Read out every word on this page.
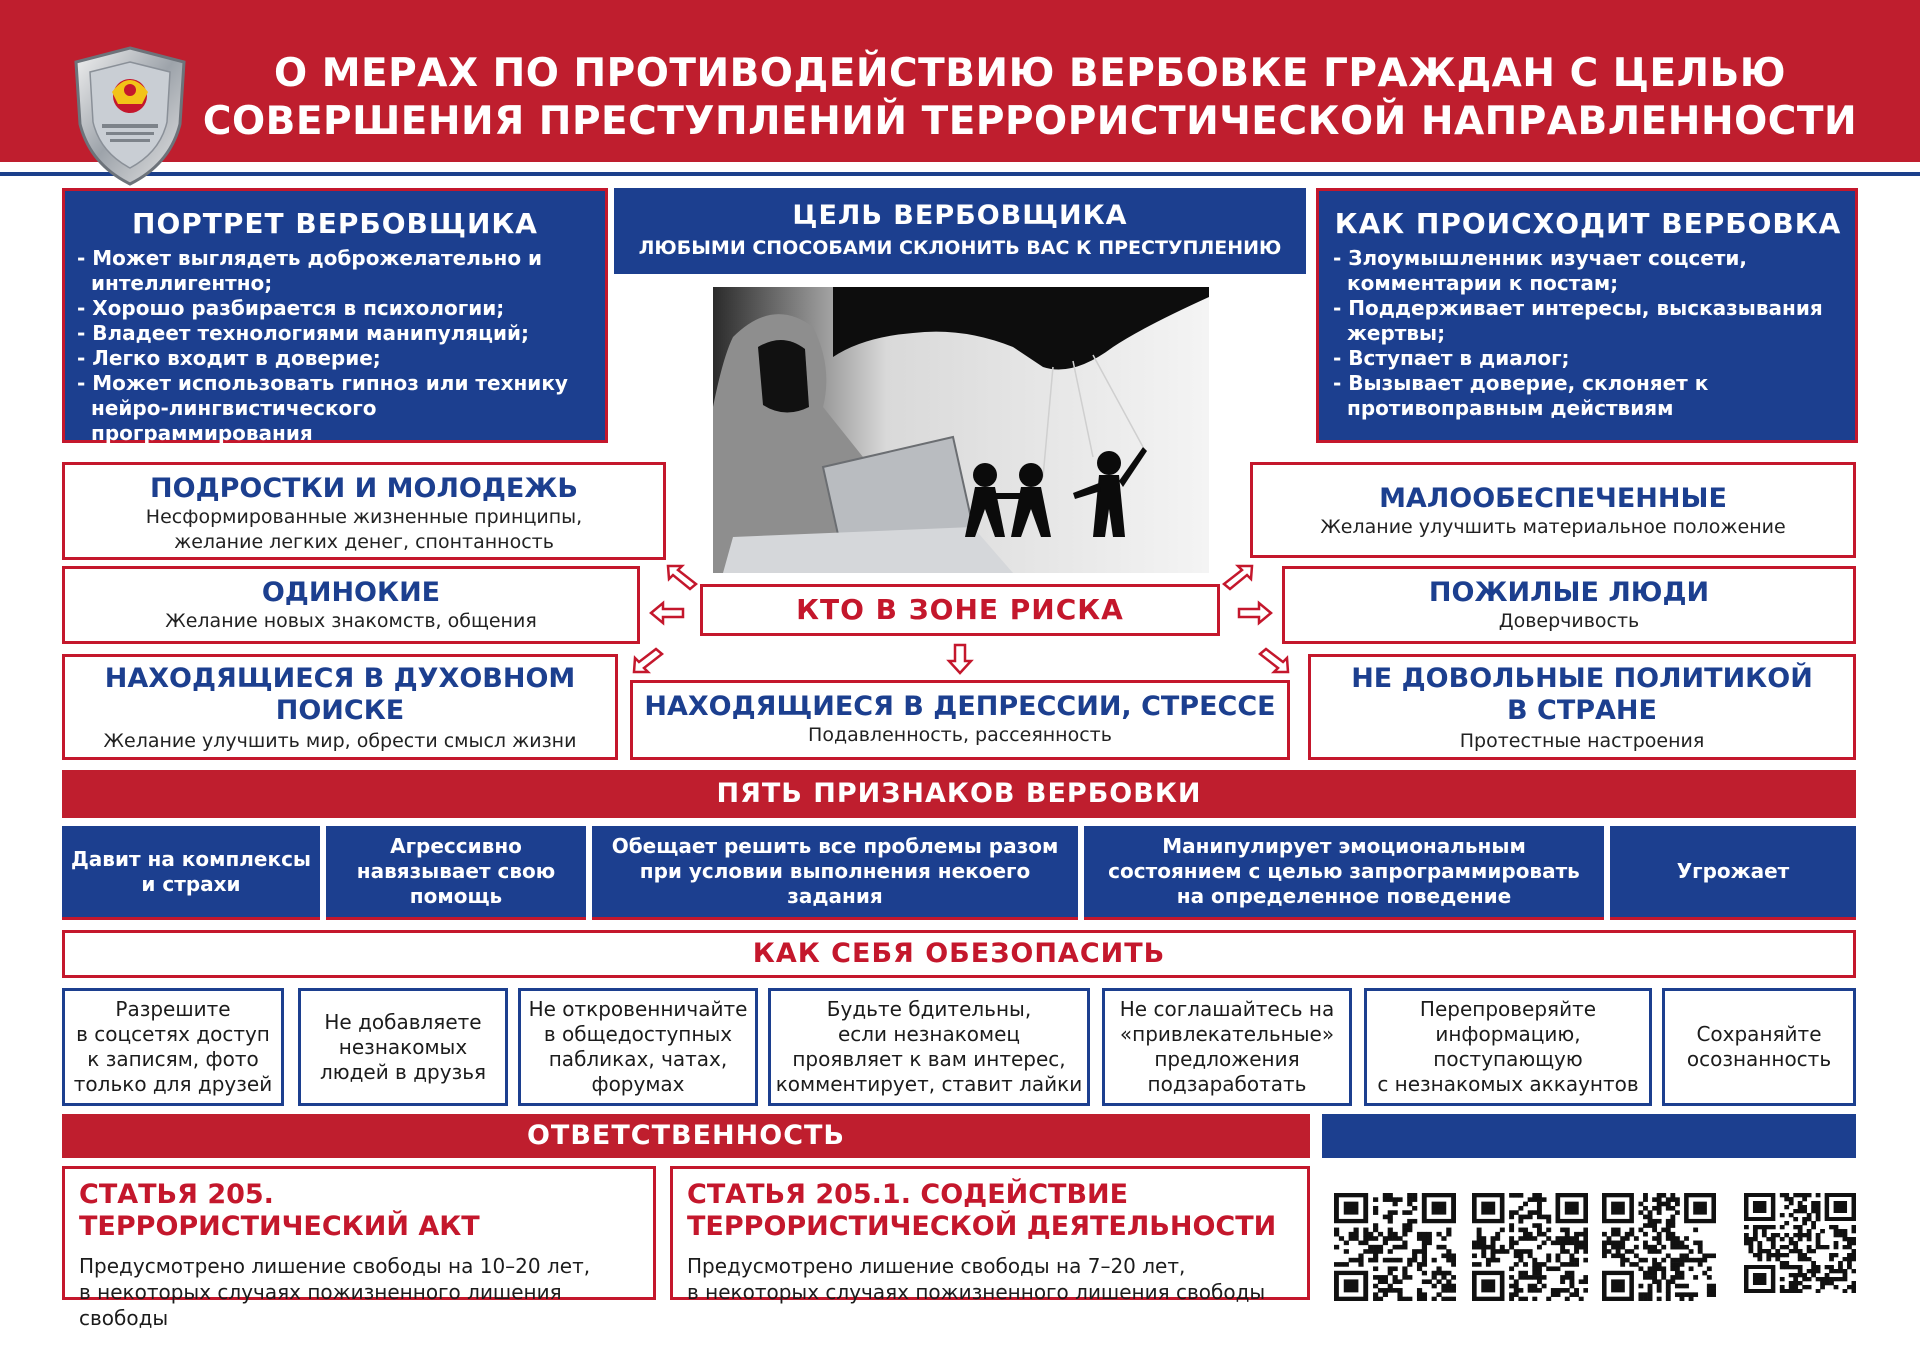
О МЕРАХ ПО ПРОТИВОДЕЙСТВИЮ ВЕРБОВКЕ ГРАЖДАН С ЦЕЛЬЮ
СОВЕРШЕНИЯ ПРЕСТУПЛЕНИЙ ТЕРРОРИСТИЧЕСКОЙ НАПРАВЛЕННОСТИ
ПОРТРЕТ ВЕРБОВЩИКА
- Может выглядеть доброжелательно и интеллигентно;
- Хорошо разбирается в психологии;
- Владеет технологиями манипуляций;
- Легко входит в доверие;
- Может использовать гипноз или технику нейро-лингвистического программирования
ЦЕЛЬ ВЕРБОВЩИКА
ЛЮБЫМИ СПОСОБАМИ СКЛОНИТЬ ВАС К ПРЕСТУПЛЕНИЮ
КАК ПРОИСХОДИТ ВЕРБОВКА
- Злоумышленник изучает соцсети, комментарии к постам;
- Поддерживает интересы, высказывания жертвы;
- Вступает в диалог;
- Вызывает доверие, склоняет к противоправным действиям
ПОДРОСТКИ И МОЛОДЕЖЬ
Несформированные жизненные принципы,
желание легких денег, спонтанность
ОДИНОКИЕ
Желание новых знакомств, общения
НАХОДЯЩИЕСЯ В ДУХОВНОМ
ПОИСКЕ
Желание улучшить мир, обрести смысл жизни
КТО В ЗОНЕ РИСКА
НАХОДЯЩИЕСЯ В ДЕПРЕССИИ, СТРЕССЕ
Подавленность, рассеянность
МАЛООБЕСПЕЧЕННЫЕ
Желание улучшить материальное положение
ПОЖИЛЫЕ ЛЮДИ
Доверчивость
НЕ ДОВОЛЬНЫЕ ПОЛИТИКОЙ
В СТРАНЕ
Протестные настроения
ПЯТЬ ПРИЗНАКОВ ВЕРБОВКИ
Давит на комплексы
и страхи
Агрессивно
навязывает свою
помощь
Обещает решить все проблемы разом
при условии выполнения некоего
задания
Манипулирует эмоциональным
состоянием с целью запрограммировать
на определенное поведение
Угрожает
КАК СЕБЯ ОБЕЗОПАСИТЬ
Разрешите
в соцсетях доступ
к записям, фото
только для друзей
Не добавляете
незнакомых
людей в друзья
Не откровенничайте
в общедоступных
пабликах, чатах,
форумах
Будьте бдительны,
если незнакомец
проявляет к вам интерес,
комментирует, ставит лайки
Не соглашайтесь на
«привлекательные»
предложения
подзаработать
Перепроверяйте
информацию,
поступающую
с незнакомых аккаунтов
Сохраняйте
осознанность
ОТВЕТСТВЕННОСТЬ
СТАТЬЯ 205.
ТЕРРОРИСТИЧЕСКИЙ АКТ
Предусмотрено лишение свободы на 10–20 лет,
в некоторых случаях пожизненного лишения свободы
СТАТЬЯ 205.1. СОДЕЙСТВИЕ
ТЕРРОРИСТИЧЕСКОЙ ДЕЯТЕЛЬНОСТИ
Предусмотрено лишение свободы на 7–20 лет,
в некоторых случаях пожизненного лишения свободы
